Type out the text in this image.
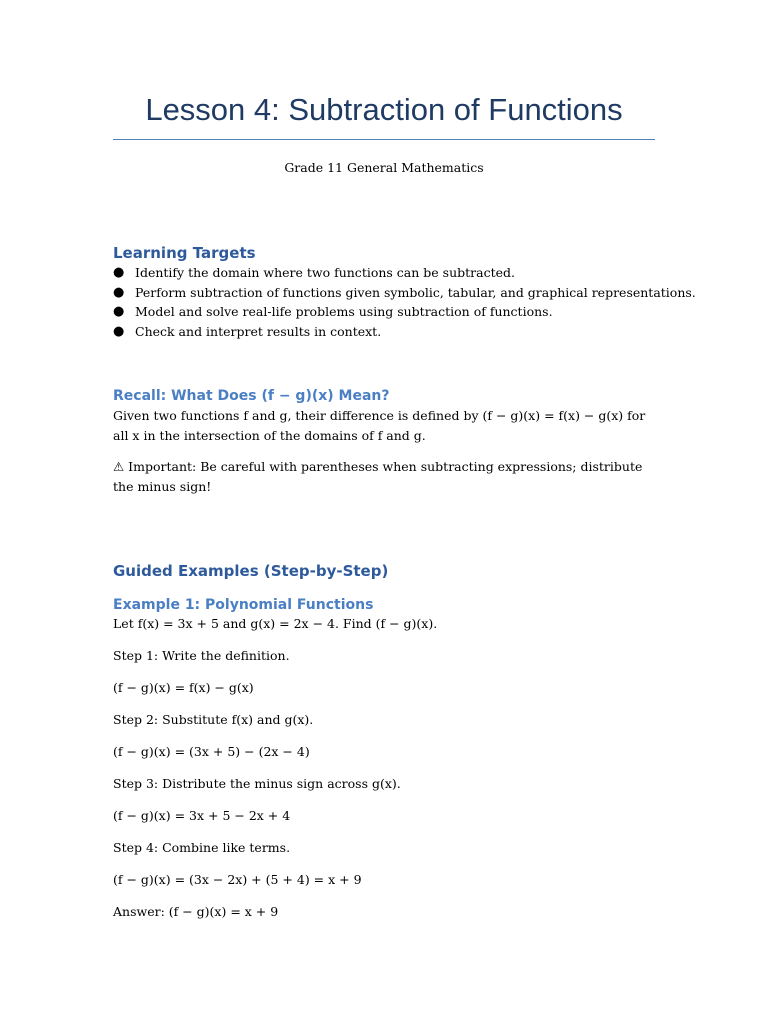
Lesson 4: Subtraction of Functions

Grade 11 General Mathematics

Learning Targets
● Identify the domain where two functions can be subtracted.
● Perform subtraction of functions given symbolic, tabular, and graphical representations.
● Model and solve real-life problems using subtraction of functions.
● Check and interpret results in context.
Recall: What Does (f − g)(x) Mean?

Given two functions f and g, their difference is defined by (f − g)(x) = f(x) − g(x) for all x in the intersection of the domains of f and g.

⚠ Important: Be careful with parentheses when subtracting expressions; distribute the minus sign!

Guided Examples (Step-by-Step)
Example 1: Polynomial Functions

Let f(x) = 3x + 5 and g(x) = 2x − 4. Find (f − g)(x).

Step 1: Write the definition.

(f − g)(x) = f(x) − g(x)

Step 2: Substitute f(x) and g(x).

(f − g)(x) = (3x + 5) − (2x − 4)

Step 3: Distribute the minus sign across g(x).

(f − g)(x) = 3x + 5 − 2x + 4

Step 4: Combine like terms.

(f − g)(x) = (3x − 2x) + (5 + 4) = x + 9

Answer: (f − g)(x) = x + 9
